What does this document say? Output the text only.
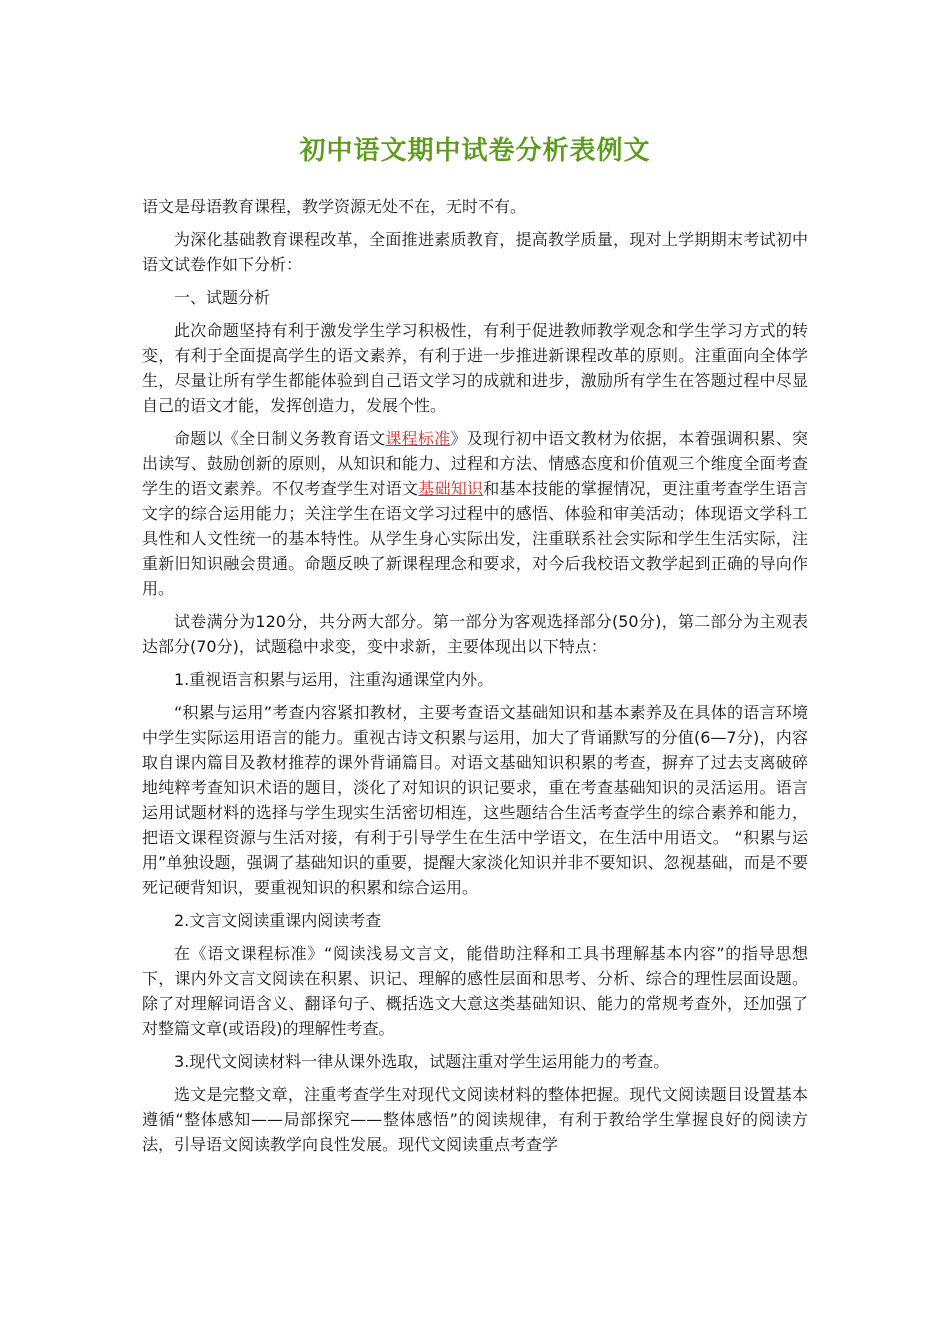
初中语文期中试卷分析表例文

语文是母语教育课程，教学资源无处不在，无时不有。

为深化基础教育课程改革，全面推进素质教育，提高教学质量，现对上学期期末考试初中语文试卷作如下分析：

一、试题分析

此次命题坚持有利于激发学生学习积极性，有利于促进教师教学观念和学生学习方式的转变，有利于全面提高学生的语文素养，有利于进一步推进新课程改革的原则。注重面向全体学生，尽量让所有学生都能体验到自己语文学习的成就和进步，激励所有学生在答题过程中尽显自己的语文才能，发挥创造力，发展个性。

命题以《全日制义务教育语文课程标准》及现行初中语文教材为依据，本着强调积累、突出读写、鼓励创新的原则，从知识和能力、过程和方法、情感态度和价值观三个维度全面考查学生的语文素养。不仅考查学生对语文基础知识和基本技能的掌握情况，更注重考查学生语言文字的综合运用能力；关注学生在语文学习过程中的感悟、体验和审美活动；体现语文学科工具性和人文性统一的基本特性。从学生身心实际出发，注重联系社会实际和学生生活实际，注重新旧知识融会贯通。命题反映了新课程理念和要求，对今后我校语文教学起到正确的导向作用。

试卷满分为120分，共分两大部分。第一部分为客观选择部分(50分)，第二部分为主观表达部分(70分)，试题稳中求变，变中求新，主要体现出以下特点：

1.重视语言积累与运用，注重沟通课堂内外。

“积累与运用”考查内容紧扣教材，主要考查语文基础知识和基本素养及在具体的语言环境中学生实际运用语言的能力。重视古诗文积累与运用，加大了背诵默写的分值(6—7分)，内容取自课内篇目及教材推荐的课外背诵篇目。对语文基础知识积累的考查，摒弃了过去支离破碎地纯粹考查知识术语的题目，淡化了对知识的识记要求，重在考查基础知识的灵活运用。语言运用试题材料的选择与学生现实生活密切相连，这些题结合生活考查学生的综合素养和能力，把语文课程资源与生活对接，有利于引导学生在生活中学语文，在生活中用语文。 “积累与运用”单独设题，强调了基础知识的重要，提醒大家淡化知识并非不要知识、忽视基础，而是不要死记硬背知识，要重视知识的积累和综合运用。

2.文言文阅读重课内阅读考查

在《语文课程标准》“阅读浅易文言文，能借助注释和工具书理解基本内容”的指导思想下，课内外文言文阅读在积累、识记、理解的感性层面和思考、分析、综合的理性层面设题。除了对理解词语含义、翻译句子、概括选文大意这类基础知识、能力的常规考查外，还加强了对整篇文章(或语段)的理解性考查。

3.现代文阅读材料一律从课外选取，试题注重对学生运用能力的考查。

选文是完整文章，注重考查学生对现代文阅读材料的整体把握。现代文阅读题目设置基本遵循“整体感知——局部探究——整体感悟”的阅读规律，有利于教给学生掌握良好的阅读方法，引导语文阅读教学向良性发展。现代文阅读重点考查学
